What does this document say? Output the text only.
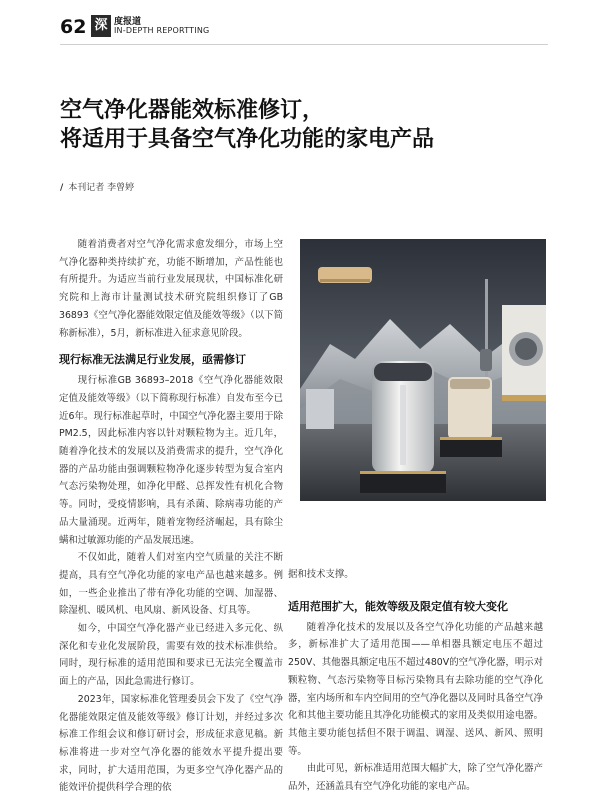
62 深 度报道
IN-DEPTH REPORTTING
空气净化器能效标准修订，
将适用于具备空气净化功能的家电产品
/ 本刊记者 李曾婷

随着消费者对空气净化需求愈发细分，市场上空气净化器种类持续扩充，功能不断增加，产品性能也有所提升。为适应当前行业发展现状，中国标准化研究院和上海市计量测试技术研究院组织修订了GB 36893《空气净化器能效限定值及能效等级》（以下简称新标准），5月，新标准进入征求意见阶段。

现行标准无法满足行业发展，亟需修订

现行标准GB 36893–2018《空气净化器能效限定值及能效等级》（以下简称现行标准）自发布至今已近6年。现行标准起草时，中国空气净化器主要用于除PM2.5，因此标准内容以针对颗粒物为主。近几年，随着净化技术的发展以及消费需求的提升，空气净化器的产品功能由强调颗粒物净化逐步转型为复合室内气态污染物处理，如净化甲醛、总挥发性有机化合物等。同时，受疫情影响，具有杀菌、除病毒功能的产品大量涌现。近两年，随着宠物经济崛起，具有除尘螨和过敏源功能的产品发展迅速。

不仅如此，随着人们对室内空气质量的关注不断提高，具有空气净化功能的家电产品也越来越多。例如，一些企业推出了带有净化功能的空调、加湿器、除湿机、暖风机、电风扇、新风设备、灯具等。

如今，中国空气净化器产业已经进入多元化、纵深化和专业化发展阶段，需要有效的技术标准供给。同时，现行标准的适用范围和要求已无法完全覆盖市面上的产品，因此急需进行修订。

2023年，国家标准化管理委员会下发了《空气净化器能效限定值及能效等级》修订计划，并经过多次标准工作组会议和修订研讨会，形成征求意见稿。新标准将进一步对空气净化器的能效水平提升提出要求，同时，扩大适用范围，为更多空气净化器产品的能效评价提供科学合理的依

据和技术支撑。
适用范围扩大，能效等级及限定值有较大变化

随着净化技术的发展以及各空气净化功能的产品越来越多，新标准扩大了适用范围——单相器具额定电压不超过250V、其他器具额定电压不超过480V的空气净化器，明示对颗粒物、气态污染物等目标污染物具有去除功能的空气净化器，室内场所和车内空间用的空气净化器以及同时具备空气净化和其他主要功能且其净化功能模式的家用及类似用途电器。其他主要功能包括但不限于调温、调湿、送风、新风、照明等。

由此可见，新标准适用范围大幅扩大，除了空气净化器产品外，还涵盖具有空气净化功能的家电产品。
